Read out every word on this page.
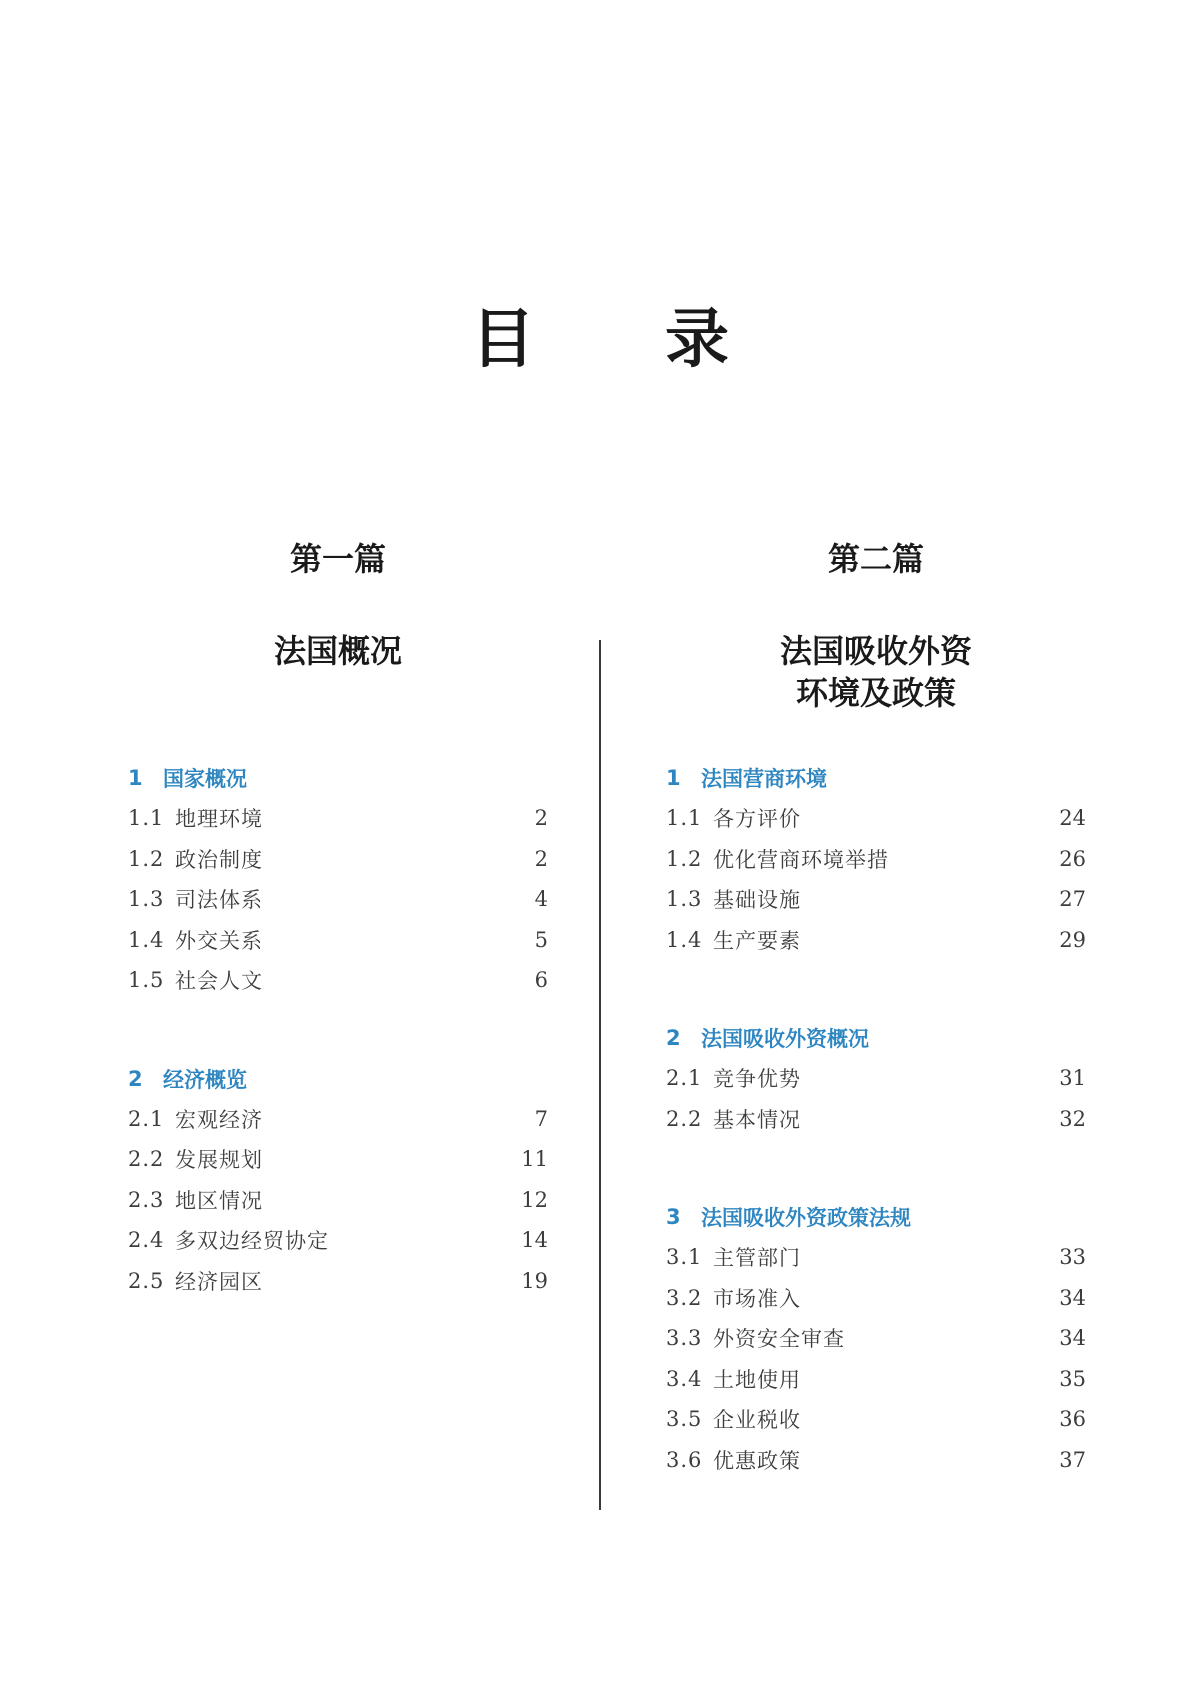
目录
第一篇
法国概况
1 国家概况
1.1 地理环境	2
1.2 政治制度	2
1.3 司法体系	4
1.4 外交关系	5
1.5 社会人文	6
2 经济概览
2.1 宏观经济	7
2.2 发展规划	11
2.3 地区情况	12
2.4 多双边经贸协定	14
2.5 经济园区	19
第二篇
法国吸收外资
环境及政策
1 法国营商环境
1.1 各方评价	24
1.2 优化营商环境举措	26
1.3 基础设施	27
1.4 生产要素	29
2 法国吸收外资概况
2.1 竞争优势	31
2.2 基本情况	32
3 法国吸收外资政策法规
3.1 主管部门	33
3.2 市场准入	34
3.3 外资安全审查	34
3.4 土地使用	35
3.5 企业税收	36
3.6 优惠政策	37
